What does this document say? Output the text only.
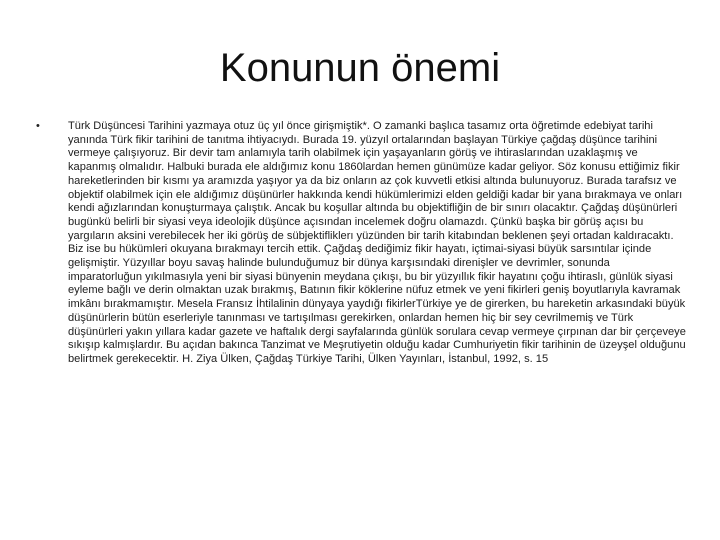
Konunun önemi
•	Türk Düşüncesi Tarihini yazmaya otuz üç yıl önce girişmiştik*. O zamanki başlıca tasamız orta öğretimde edebiyat tarihi yanında Türk fikir tarihini de tanıtma ihtiyacıydı. Burada 19. yüzyıl ortalarından başlayan Türkiye çağdaş düşünce tarihini vermeye çalışıyoruz. Bir devir tam anlamıyla tarih olabilmek için yaşayanların görüş ve ihtiraslarından uzaklaşmış ve kapanmış olmalıdır. Halbuki burada ele aldığımız konu 1860lardan hemen günümüze kadar geliyor. Söz konusu ettiğimiz fikir hareketlerinden bir kısmı ya aramızda yaşıyor ya da biz onların az çok kuvvetli etkisi altında bulunuyoruz. Burada tarafsız ve objektif olabilmek için ele aldığımız düşünürler hakkında kendi hükümlerimizi elden geldiği kadar bir yana bırakmaya ve onları kendi ağızlarından konuşturmaya çalıştık. Ancak bu koşullar altında bu objektifliğin de bir sınırı olacaktır. Çağdaş düşünürleri bugünkü belirli bir siyasi veya ideolojik düşünce açısından incelemek doğru olamazdı. Çünkü başka bir görüş açısı bu yargıların aksini verebilecek her iki görüş de sübjektifliklerı yüzünden bir tarih kitabından beklenen şeyi ortadan kaldıracaktı. Biz ise bu hükümleri okuyana bırakmayı tercih ettik. Çağdaş dediğimiz fikir hayatı, içtimai-siyasi büyük sarsıntılar içinde gelişmiştir. Yüzyıllar boyu savaş halinde bulunduğumuz bir dünya karşısındaki direnişler ve devrimler, sonunda imparatorluğun yıkılmasıyla yeni bir siyasi bünyenin meydana çıkışı, bu bir yüzyıllık fikir hayatını çoğu ihtiraslı, günlük siyasi eyleme bağlı ve derin olmaktan uzak bırakmış, Batının fikir köklerine nüfuz etmek ve yeni fikirleri geniş boyutlarıyla kavramak imkânı bırakmamıştır. Mesela Fransız İhtilalinin dünyaya yaydığı fikirlerTürkiye ye de girerken, bu hareketin arkasındaki büyük düşünürlerin bütün eserleriyle tanınması ve tartışılması gerekirken, onlardan hemen hiç bir sey cevrilmemiş ve Türk düşünürleri yakın yıllara kadar gazete ve haftalık dergi sayfalarında günlük sorulara cevap vermeye çırpınan dar bir çerçeveye sıkışıp kalmışlardır. Bu açıdan bakınca Tanzimat ve Meşrutiyetin olduğu kadar Cumhuriyetin fikir tarihinin de üzeyşel olduğunu belirtmek gerekecektir. H. Ziya Ülken, Çağdaş Türkiye Tarihi, Ülken Yayınları, İstanbul, 1992, s. 15
